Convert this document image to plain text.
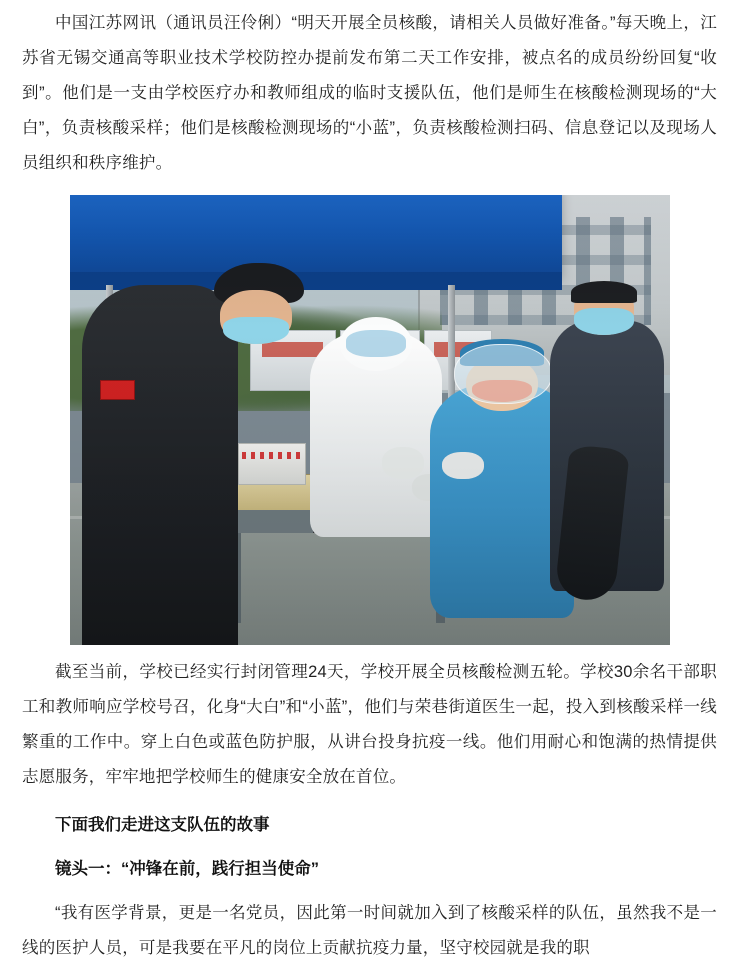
中国江苏网讯（通讯员汪伶俐）“明天开展全员核酸，请相关人员做好准备。”每天晚上，江苏省无锡交通高等职业技术学校防控办提前发布第二天工作安排，被点名的成员纷纷回复“收到”。他们是一支由学校医疗办和教师组成的临时支援队伍，他们是师生在核酸检测现场的“大白”，负责核酸采样；他们是核酸检测现场的“小蓝”，负责核酸检测扫码、信息登记以及现场人员组织和秩序维护。

截至当前，学校已经实行封闭管理24天，学校开展全员核酸检测五轮。学校30余名干部职工和教师响应学校号召，化身“大白”和“小蓝”，他们与荣巷街道医生一起，投入到核酸采样一线繁重的工作中。穿上白色或蓝色防护服，从讲台投身抗疫一线。他们用耐心和饱满的热情提供志愿服务，牢牢地把学校师生的健康安全放在首位。

下面我们走进这支队伍的故事

镜头一：“冲锋在前，践行担当使命”

“我有医学背景，更是一名党员，因此第一时间就加入到了核酸采样的队伍，虽然我不是一线的医护人员，可是我要在平凡的岗位上贡献抗疫力量，坚守校园就是我的职
